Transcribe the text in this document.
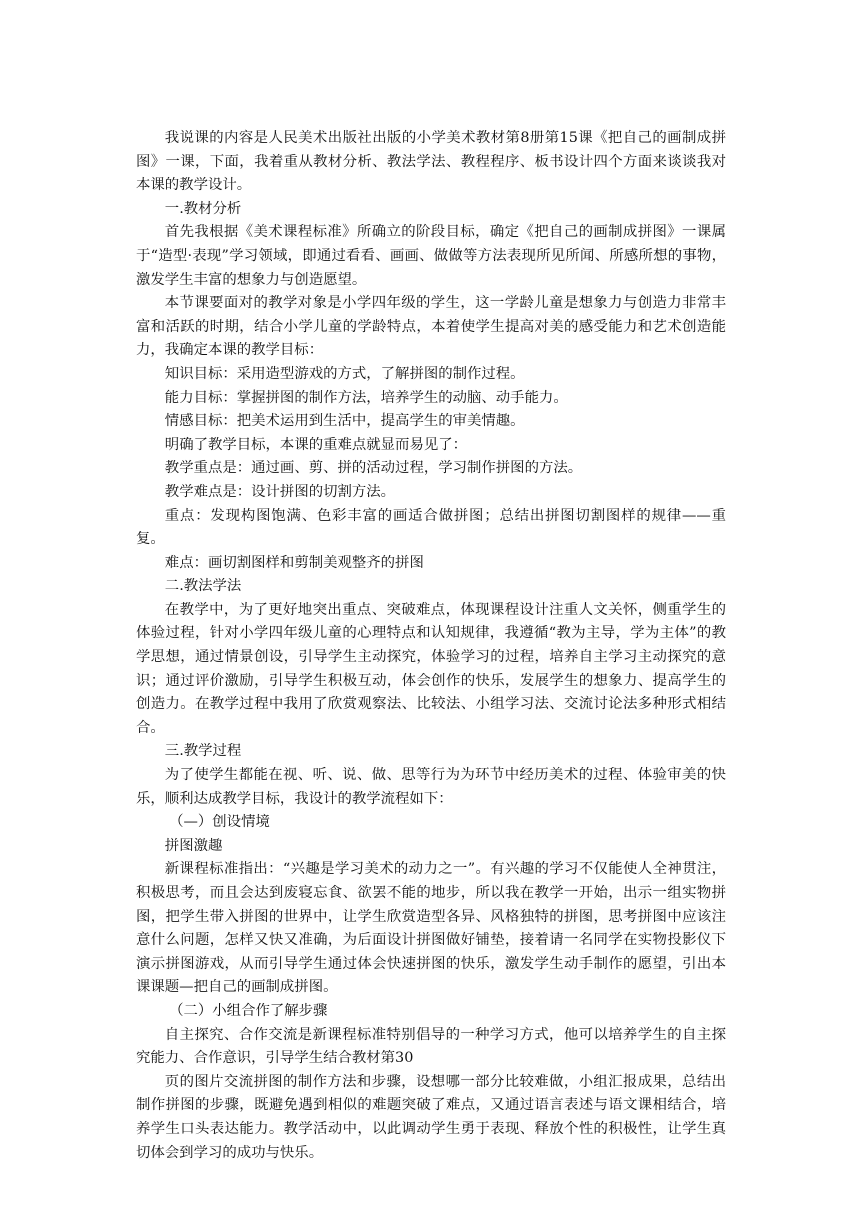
我说课的内容是人民美术出版社出版的小学美术教材第8册第15课《把自己的画制成拼图》一课，下面，我着重从教材分析、教法学法、教程程序、板书设计四个方面来谈谈我对本课的教学设计。

一.教材分析

首先我根据《美术课程标准》所确立的阶段目标，确定《把自己的画制成拼图》一课属于“造型·表现”学习领域，即通过看看、画画、做做等方法表现所见所闻、所感所想的事物，激发学生丰富的想象力与创造愿望。

本节课要面对的教学对象是小学四年级的学生，这一学龄儿童是想象力与创造力非常丰富和活跃的时期，结合小学儿童的学龄特点，本着使学生提高对美的感受能力和艺术创造能力，我确定本课的教学目标：

知识目标：采用造型游戏的方式，了解拼图的制作过程。

能力目标：掌握拼图的制作方法，培养学生的动脑、动手能力。

情感目标：把美术运用到生活中，提高学生的审美情趣。

明确了教学目标，本课的重难点就显而易见了：

教学重点是：通过画、剪、拼的活动过程，学习制作拼图的方法。

教学难点是：设计拼图的切割方法。

重点：发现构图饱满、色彩丰富的画适合做拼图；总结出拼图切割图样的规律——重复。

难点：画切割图样和剪制美观整齐的拼图

二.教法学法

在教学中，为了更好地突出重点、突破难点，体现课程设计注重人文关怀，侧重学生的体验过程，针对小学四年级儿童的心理特点和认知规律，我遵循“教为主导，学为主体”的教学思想，通过情景创设，引导学生主动探究，体验学习的过程，培养自主学习主动探究的意识；通过评价激励，引导学生积极互动，体会创作的快乐，发展学生的想象力、提高学生的创造力。在教学过程中我用了欣赏观察法、比较法、小组学习法、交流讨论法多种形式相结合。

三.教学过程

为了使学生都能在视、听、说、做、思等行为为环节中经历美术的过程、体验审美的快乐，顺利达成教学目标，我设计的教学流程如下：

（—）创设情境

拼图激趣

新课程标准指出：“兴趣是学习美术的动力之一”。有兴趣的学习不仅能使人全神贯注，积极思考，而且会达到废寝忘食、欲罢不能的地步，所以我在教学一开始，出示一组实物拼图，把学生带入拼图的世界中，让学生欣赏造型各异、风格独特的拼图，思考拼图中应该注意什么问题，怎样又快又准确，为后面设计拼图做好铺垫，接着请一名同学在实物投影仪下演示拼图游戏，从而引导学生通过体会快速拼图的快乐，激发学生动手制作的愿望，引出本课课题—把自己的画制成拼图。

（二）小组合作了解步骤

自主探究、合作交流是新课程标准特别倡导的一种学习方式，他可以培养学生的自主探究能力、合作意识，引导学生结合教材第30

页的图片交流拼图的制作方法和步骤，设想哪一部分比较难做，小组汇报成果，总结出制作拼图的步骤，既避免遇到相似的难题突破了难点，又通过语言表述与语文课相结合，培养学生口头表达能力。教学活动中，以此调动学生勇于表现、释放个性的积极性，让学生真切体会到学习的成功与快乐。
